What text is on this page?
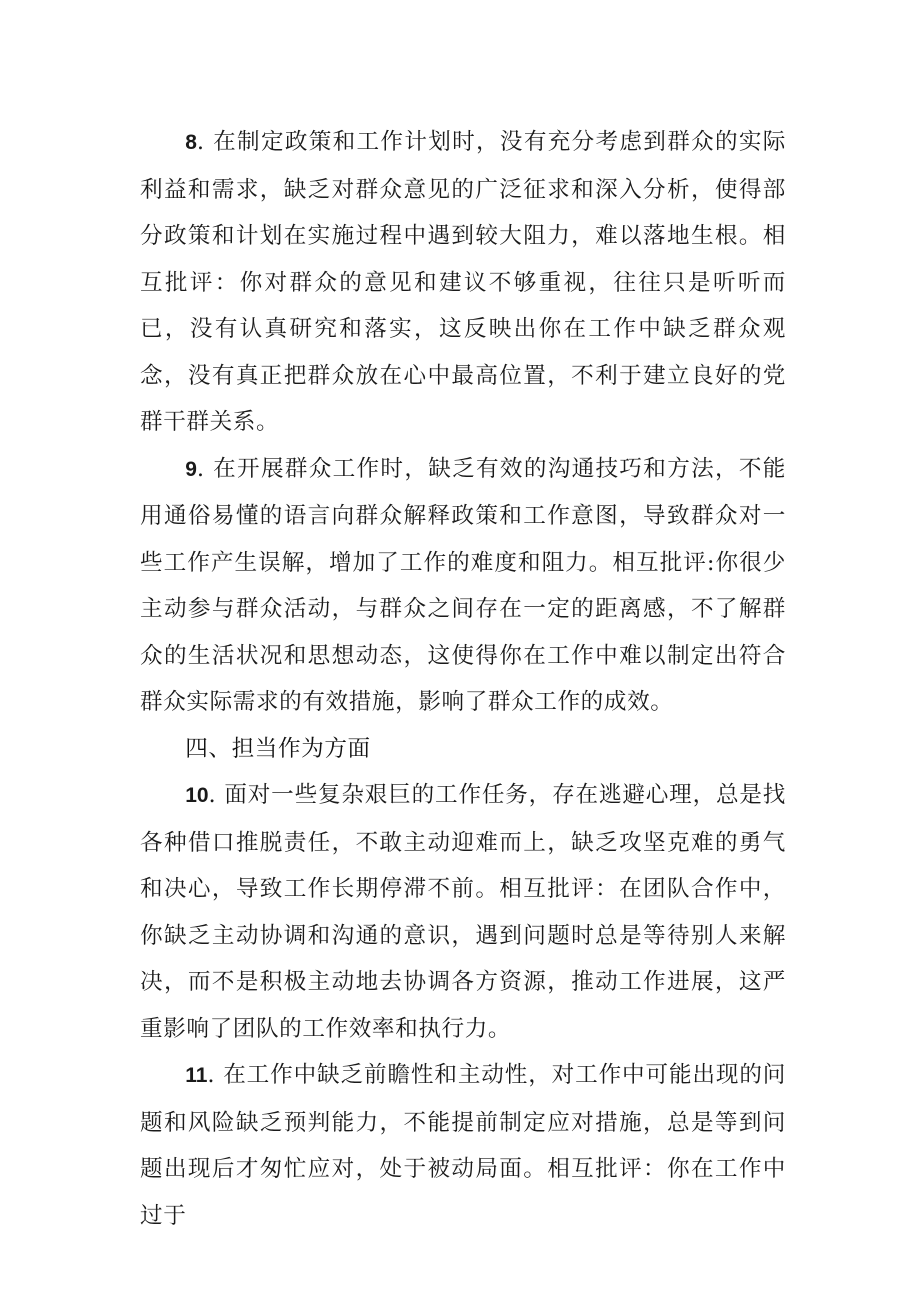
8. 在制定政策和工作计划时，没有充分考虑到群众的实际利益和需求，缺乏对群众意见的广泛征求和深入分析，使得部分政策和计划在实施过程中遇到较大阻力，难以落地生根。相互批评：你对群众的意见和建议不够重视，往往只是听听而已，没有认真研究和落实，这反映出你在工作中缺乏群众观念，没有真正把群众放在心中最高位置，不利于建立良好的党群干群关系。

9. 在开展群众工作时，缺乏有效的沟通技巧和方法，不能用通俗易懂的语言向群众解释政策和工作意图，导致群众对一些工作产生误解，增加了工作的难度和阻力。相互批评:你很少主动参与群众活动，与群众之间存在一定的距离感，不了解群众的生活状况和思想动态，这使得你在工作中难以制定出符合群众实际需求的有效措施，影响了群众工作的成效。

四、担当作为方面

10. 面对一些复杂艰巨的工作任务，存在逃避心理，总是找各种借口推脱责任，不敢主动迎难而上，缺乏攻坚克难的勇气和决心，导致工作长期停滞不前。相互批评：在团队合作中，你缺乏主动协调和沟通的意识，遇到问题时总是等待别人来解决，而不是积极主动地去协调各方资源，推动工作进展，这严重影响了团队的工作效率和执行力。

11. 在工作中缺乏前瞻性和主动性，对工作中可能出现的问题和风险缺乏预判能力，不能提前制定应对措施，总是等到问题出现后才匆忙应对，处于被动局面。相互批评：你在工作中过于
